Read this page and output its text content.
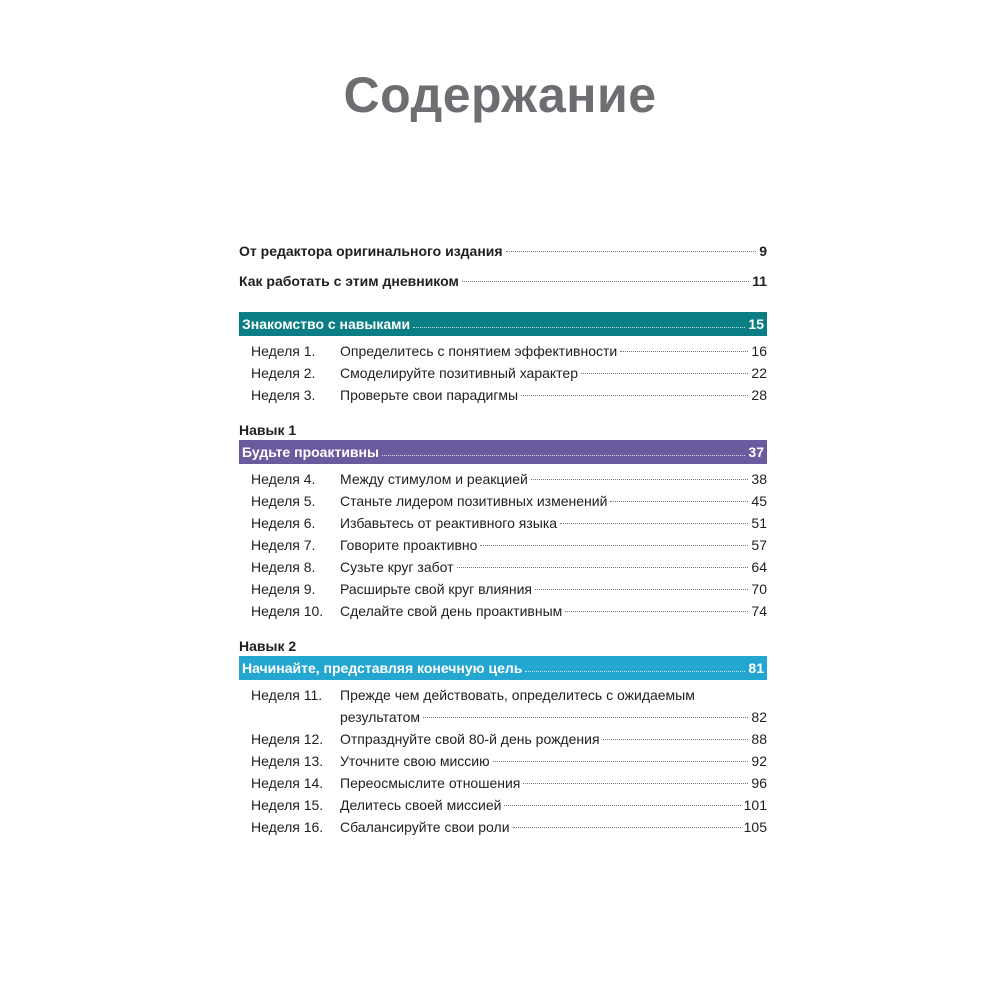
Содержание
От редактора оригинального издания	9
Как работать с этим дневником	11
Знакомство с навыками	15
Неделя 1.	Определитесь с понятием эффективности	16
Неделя 2.	Смоделируйте позитивный характер	22
Неделя 3.	Проверьте свои парадигмы	28
Навык 1
Будьте проактивны	37
Неделя 4.	Между стимулом и реакцией	38
Неделя 5.	Станьте лидером позитивных изменений	45
Неделя 6.	Избавьтесь от реактивного языка	51
Неделя 7.	Говорите проактивно	57
Неделя 8.	Сузьте круг забот	64
Неделя 9.	Расширьте свой круг влияния	70
Неделя 10.	Сделайте свой день проактивным	74
Навык 2
Начинайте, представляя конечную цель	81
Неделя 11.	Прежде чем действовать, определитесь с ожидаемым
результатом	82
Неделя 12.	Отпразднуйте свой 80-й день рождения	88
Неделя 13.	Уточните свою миссию	92
Неделя 14.	Переосмыслите отношения	96
Неделя 15.	Делитесь своей миссией	101
Неделя 16.	Сбалансируйте свои роли	105
